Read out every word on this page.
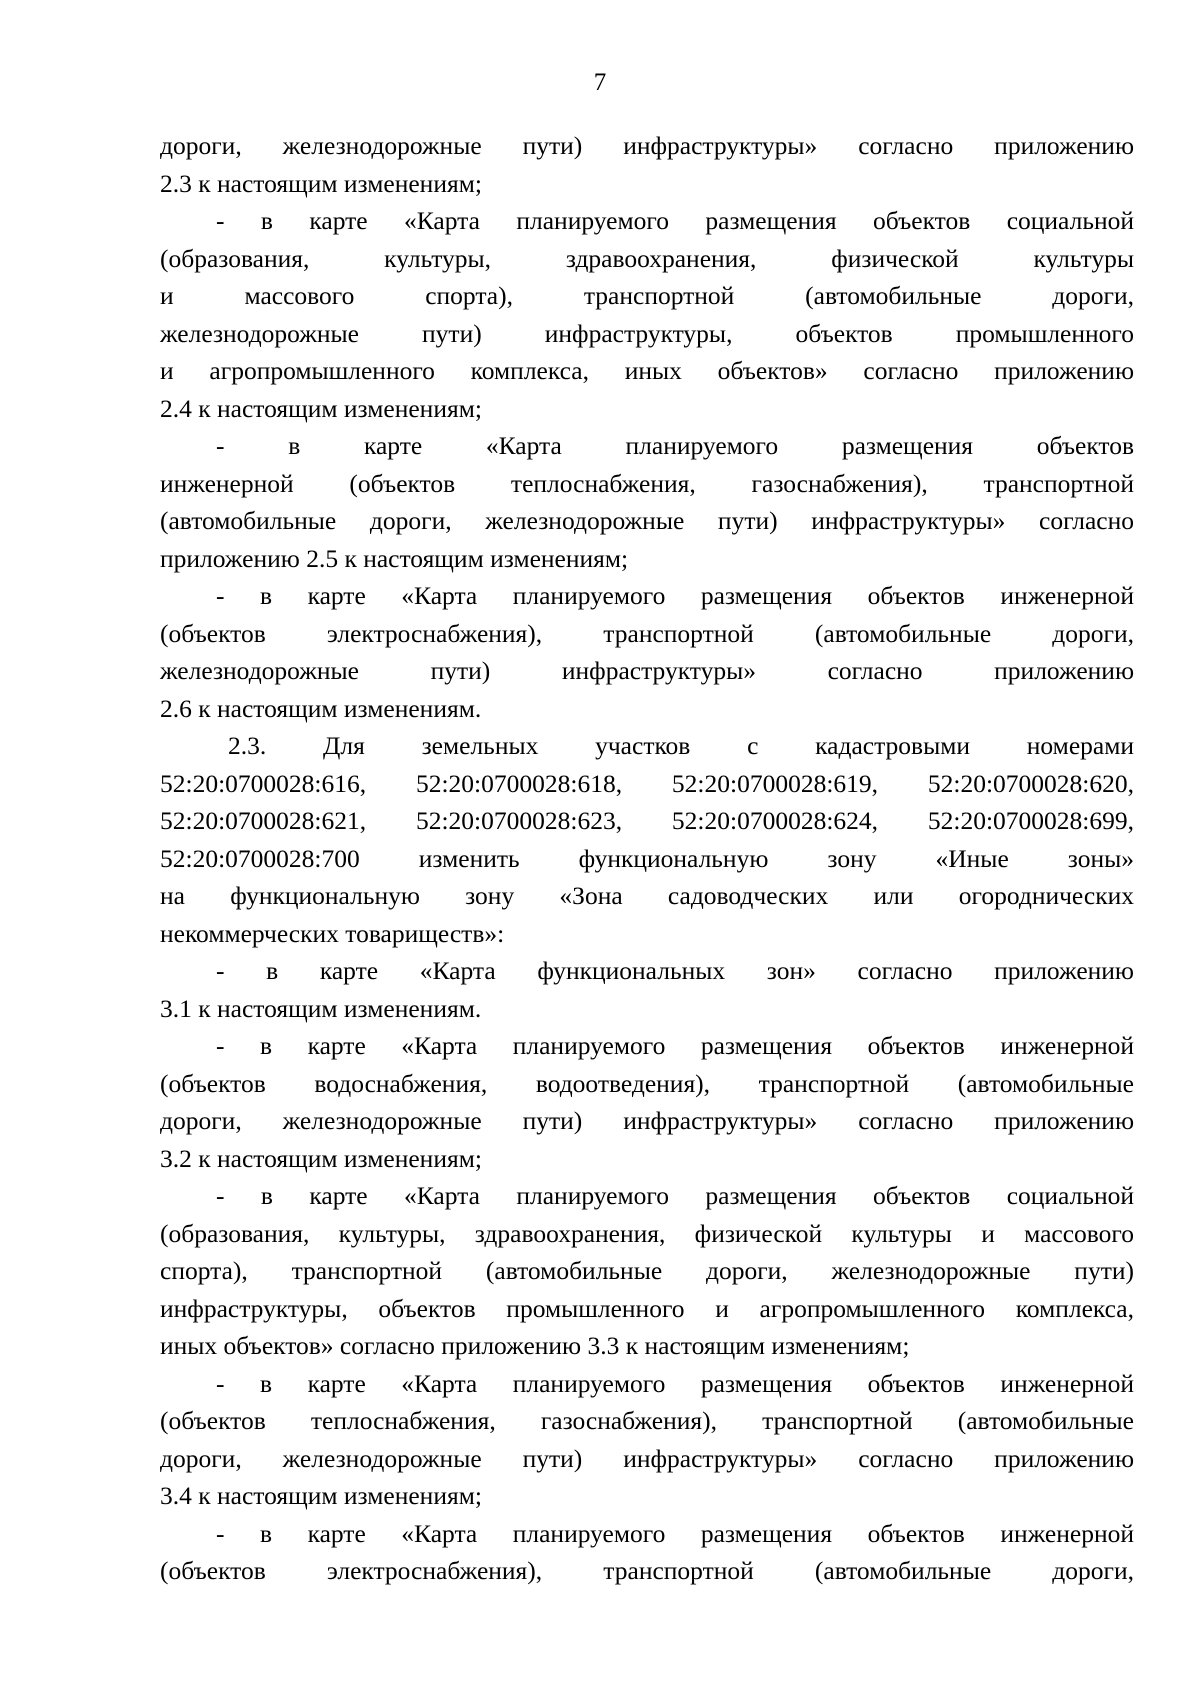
7
дороги, железнодорожные пути) инфраструктуры» согласно приложению
2.3 к настоящим изменениям;
- в карте «Карта планируемого размещения объектов социальной
(образования, культуры, здравоохранения, физической культуры
и массового спорта), транспортной (автомобильные дороги,
железнодорожные пути) инфраструктуры, объектов промышленного
и агропромышленного комплекса, иных объектов» согласно приложению
2.4 к настоящим изменениям;
- в карте «Карта планируемого размещения объектов
инженерной (объектов теплоснабжения, газоснабжения), транспортной
(автомобильные дороги, железнодорожные пути) инфраструктуры» согласно
приложению 2.5 к настоящим изменениям;
- в карте «Карта планируемого размещения объектов инженерной
(объектов электроснабжения), транспортной (автомобильные дороги,
железнодорожные пути) инфраструктуры» согласно приложению
2.6 к настоящим изменениям.
2.3. Для земельных участков с кадастровыми номерами
52:20:0700028:616, 52:20:0700028:618, 52:20:0700028:619, 52:20:0700028:620,
52:20:0700028:621, 52:20:0700028:623, 52:20:0700028:624, 52:20:0700028:699,
52:20:0700028:700 изменить функциональную зону «Иные зоны»
на функциональную зону «Зона садоводческих или огороднических
некоммерческих товариществ»:
- в карте «Карта функциональных зон» согласно приложению
3.1 к настоящим изменениям.
- в карте «Карта планируемого размещения объектов инженерной
(объектов водоснабжения, водоотведения), транспортной (автомобильные
дороги, железнодорожные пути) инфраструктуры» согласно приложению
3.2 к настоящим изменениям;
- в карте «Карта планируемого размещения объектов социальной
(образования, культуры, здравоохранения, физической культуры и массового
спорта), транспортной (автомобильные дороги, железнодорожные пути)
инфраструктуры, объектов промышленного и агропромышленного комплекса,
иных объектов» согласно приложению 3.3 к настоящим изменениям;
- в карте «Карта планируемого размещения объектов инженерной
(объектов теплоснабжения, газоснабжения), транспортной (автомобильные
дороги, железнодорожные пути) инфраструктуры» согласно приложению
3.4 к настоящим изменениям;
- в карте «Карта планируемого размещения объектов инженерной
(объектов электроснабжения), транспортной (автомобильные дороги,
